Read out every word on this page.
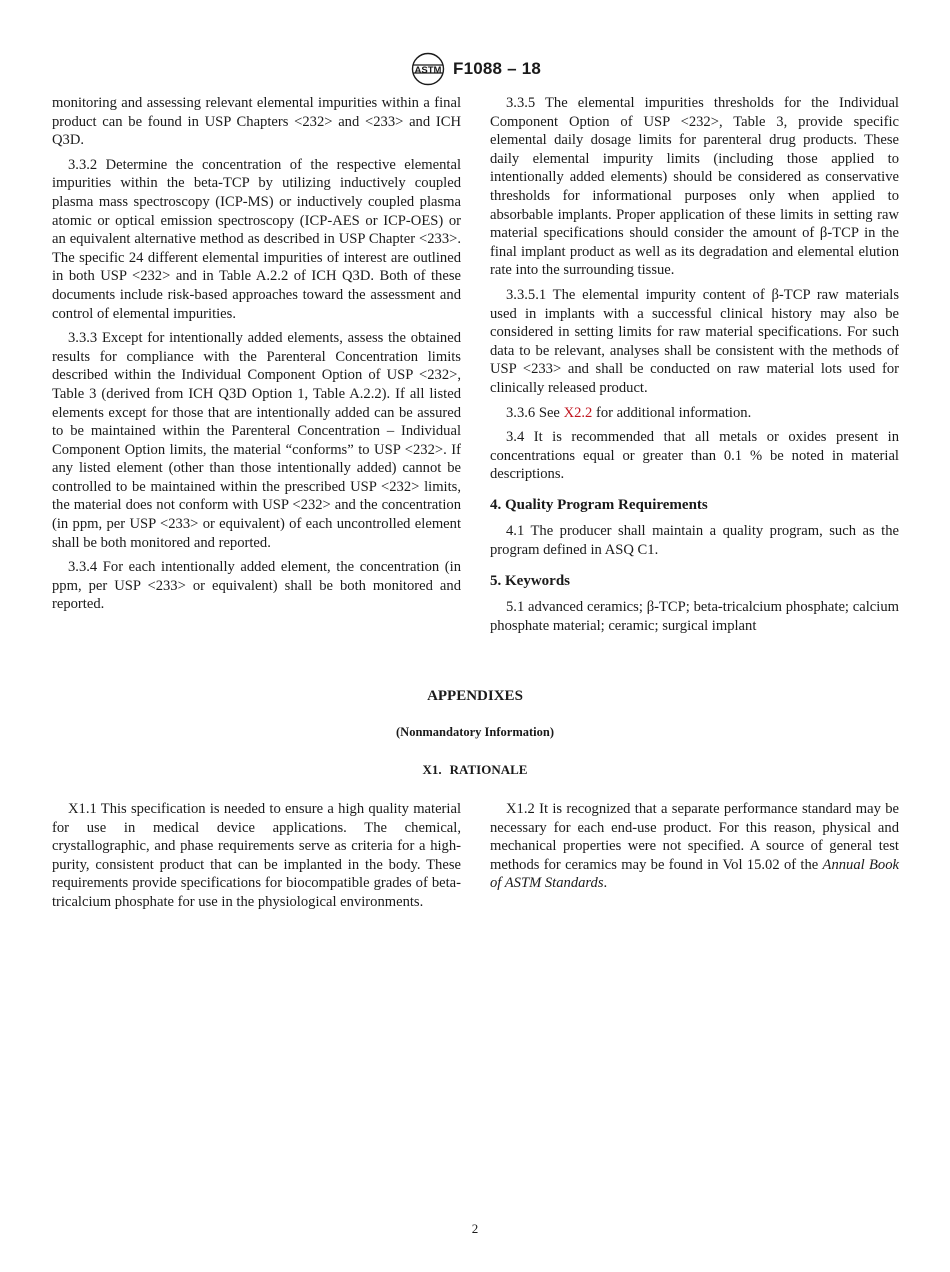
ASTM F1088 – 18

monitoring and assessing relevant elemental impurities within a final product can be found in USP Chapters <232> and <233> and ICH Q3D.

3.3.2 Determine the concentration of the respective elemental impurities within the beta-TCP by utilizing inductively coupled plasma mass spectroscopy (ICP-MS) or inductively coupled plasma atomic or optical emission spectroscopy (ICP-AES or ICP-OES) or an equivalent alternative method as described in USP Chapter <233>. The specific 24 different elemental impurities of interest are outlined in both USP <232> and in Table A.2.2 of ICH Q3D. Both of these documents include risk-based approaches toward the assessment and control of elemental impurities.

3.3.3 Except for intentionally added elements, assess the obtained results for compliance with the Parenteral Concentration limits described within the Individual Component Option of USP <232>, Table 3 (derived from ICH Q3D Option 1, Table A.2.2). If all listed elements except for those that are intentionally added can be assured to be maintained within the Parenteral Concentration – Individual Component Option limits, the material “conforms” to USP <232>. If any listed element (other than those intentionally added) cannot be controlled to be maintained within the prescribed USP <232> limits, the material does not conform with USP <232> and the concentration (in ppm, per USP <233> or equivalent) of each uncontrolled element shall be both monitored and reported.

3.3.4 For each intentionally added element, the concentration (in ppm, per USP <233> or equivalent) shall be both monitored and reported.

3.3.5 The elemental impurities thresholds for the Individual Component Option of USP <232>, Table 3, provide specific elemental daily dosage limits for parenteral drug products. These daily elemental impurity limits (including those applied to intentionally added elements) should be considered as conservative thresholds for informational purposes only when applied to absorbable implants. Proper application of these limits in setting raw material specifications should consider the amount of β-TCP in the final implant product as well as its degradation and elemental elution rate into the surrounding tissue.

3.3.5.1 The elemental impurity content of β-TCP raw materials used in implants with a successful clinical history may also be considered in setting limits for raw material specifications. For such data to be relevant, analyses shall be consistent with the methods of USP <233> and shall be conducted on raw material lots used for clinically released product.

3.3.6 See X2.2 for additional information.

3.4 It is recommended that all metals or oxides present in concentrations equal or greater than 0.1 % be noted in material descriptions.

4. Quality Program Requirements

4.1 The producer shall maintain a quality program, such as the program defined in ASQ C1.

5. Keywords

5.1 advanced ceramics; β-TCP; beta-tricalcium phosphate; calcium phosphate material; ceramic; surgical implant

APPENDIXES
(Nonmandatory Information)
X1. RATIONALE

X1.1 This specification is needed to ensure a high quality material for use in medical device applications. The chemical, crystallographic, and phase requirements serve as criteria for a high-purity, consistent product that can be implanted in the body. These requirements provide specifications for biocompatible grades of beta-tricalcium phosphate for use in the physiological environments.

X1.2 It is recognized that a separate performance standard may be necessary for each end-use product. For this reason, physical and mechanical properties were not specified. A source of general test methods for ceramics may be found in Vol 15.02 of the Annual Book of ASTM Standards.

2
